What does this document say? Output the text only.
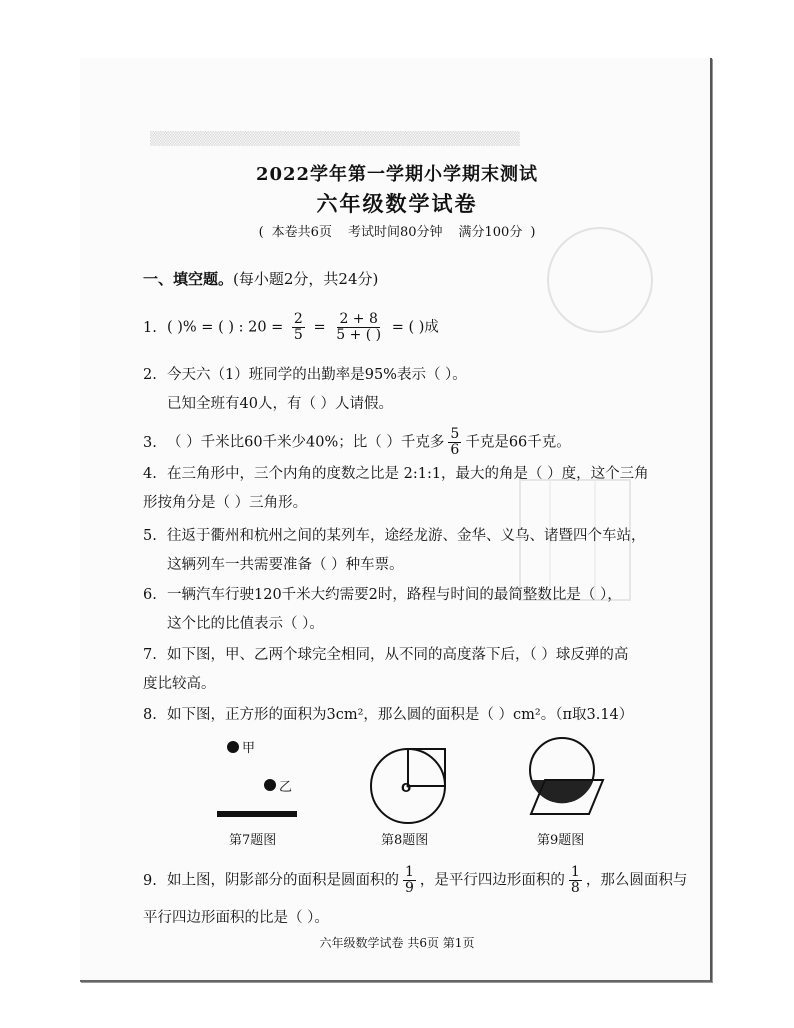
▒▒▒▒▒▒▒▒▒▒▒▒▒▒▒▒▒▒▒▒▒▒▒▒▒▒▒▒▒▒▒▒▒▒▒▒▒
2022学年第一学期小学期末测试
六年级数学试卷
( 本卷共6页 考试时间80分钟 满分100分 )
一、填空题。(每小题2分，共24分)
1. ( )% = ( ) : $20 = \frac{2}{5} = \frac{2 + 8}{5 + ( )}$ = ( )成
2. 今天六（1）班同学的出勤率是95%表示（ ）。
已知全班有40人，有（ ）人请假。
3. （ ）千米比60千米少40%；比（ ）千克多 $\frac{5}{6}$ 千克是66千克。
4. 在三角形中，三个内角的度数之比是 2:1:1，最大的角是（ ）度，这个三角
形按角分是（ ）三角形。
5. 往返于衢州和杭州之间的某列车，途经龙游、金华、义乌、诸暨四个车站，
这辆列车一共需要准备（ ）种车票。
6. 一辆汽车行驶120千米大约需要2时，路程与时间的最简整数比是（ ），
这个比的比值表示（ ）。
7. 如下图，甲、乙两个球完全相同，从不同的高度落下后，（ ）球反弹的高
度比较高。
8. 如下图，正方形的面积为3cm²，那么圆的面积是（ ）cm²。（π取3.14）
甲
乙
第7题图
O
第8题图	第9题图
9. 如上图，阴影部分的面积是圆面积的 $\frac{1}{9}$ ，是平行四边形面积的 $\frac{1}{8}$ ，那么圆面积与
平行四边形面积的比是（ ）。
六年级数学试卷 共6页 第1页
